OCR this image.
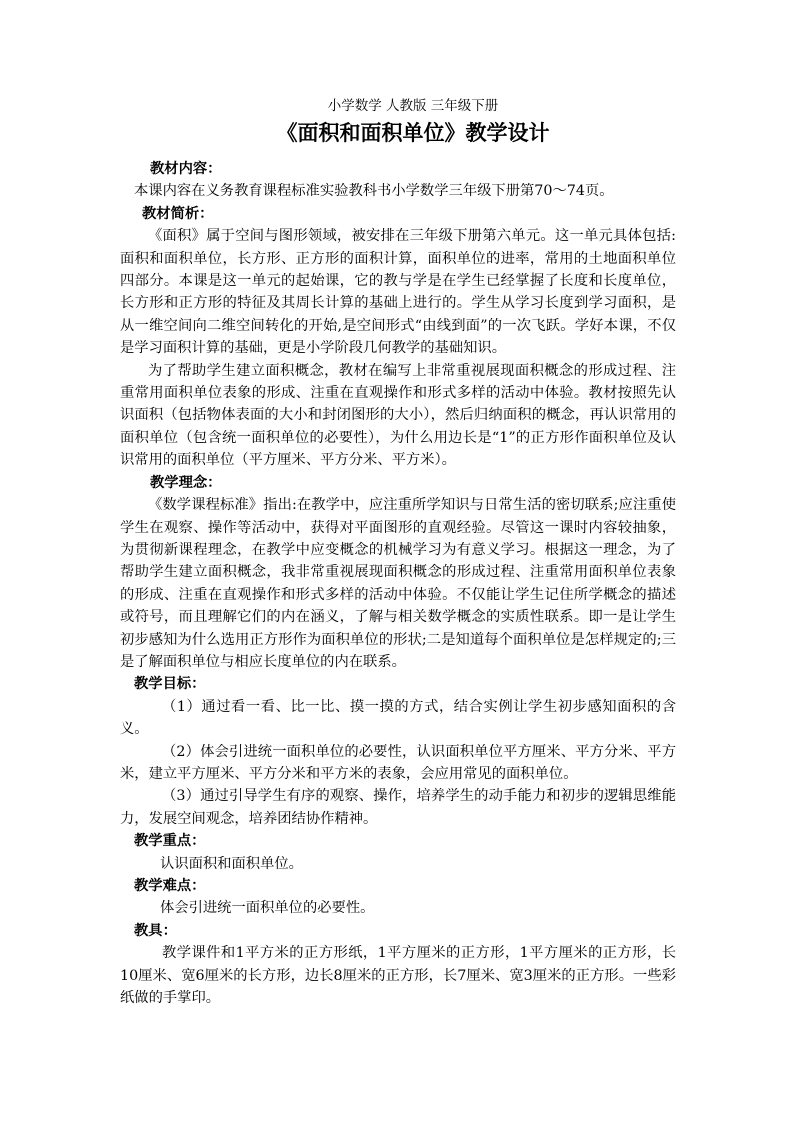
小学数学 人教版 三年级下册
《面积和面积单位》教学设计
教材内容：

本课内容在义务教育课程标准实验教科书小学数学三年级下册第70～74页。

教材简析：

《面积》属于空间与图形领域，被安排在三年级下册第六单元。这一单元具体包括:面积和面积单位，长方形、正方形的面积计算，面积单位的进率，常用的土地面积单位四部分。本课是这一单元的起始课，它的教与学是在学生已经掌握了长度和长度单位，长方形和正方形的特征及其周长计算的基础上进行的。学生从学习长度到学习面积，是从一维空间向二维空间转化的开始,是空间形式“由线到面”的一次飞跃。学好本课，不仅是学习面积计算的基础，更是小学阶段几何教学的基础知识。

为了帮助学生建立面积概念，教材在编写上非常重视展现面积概念的形成过程、注重常用面积单位表象的形成、注重在直观操作和形式多样的活动中体验。教材按照先认识面积（包括物体表面的大小和封闭图形的大小），然后归纳面积的概念，再认识常用的面积单位（包含统一面积单位的必要性），为什么用边长是“1”的正方形作面积单位及认识常用的面积单位（平方厘米、平方分米、平方米）。

教学理念：

《数学课程标准》指出:在教学中，应注重所学知识与日常生活的密切联系;应注重使学生在观察、操作等活动中，获得对平面图形的直观经验。尽管这一课时内容较抽象，为贯彻新课程理念，在教学中应变概念的机械学习为有意义学习。根据这一理念，为了帮助学生建立面积概念，我非常重视展现面积概念的形成过程、注重常用面积单位表象的形成、注重在直观操作和形式多样的活动中体验。不仅能让学生记住所学概念的描述或符号，而且理解它们的内在涵义，了解与相关数学概念的实质性联系。即一是让学生初步感知为什么选用正方形作为面积单位的形状;二是知道每个面积单位是怎样规定的;三是了解面积单位与相应长度单位的内在联系。

教学目标：

（1）通过看一看、比一比、摸一摸的方式，结合实例让学生初步感知面积的含义。

（2）体会引进统一面积单位的必要性，认识面积单位平方厘米、平方分米、平方米，建立平方厘米、平方分米和平方米的表象，会应用常见的面积单位。

（3）通过引导学生有序的观察、操作，培养学生的动手能力和初步的逻辑思维能力，发展空间观念，培养团结协作精神。

教学重点：

认识面积和面积单位。

教学难点：

体会引进统一面积单位的必要性。

教具：

教学课件和1平方米的正方形纸，1平方厘米的正方形，1平方厘米的正方形，长10厘米、宽6厘米的长方形，边长8厘米的正方形，长7厘米、宽3厘米的正方形。一些彩纸做的手掌印。
